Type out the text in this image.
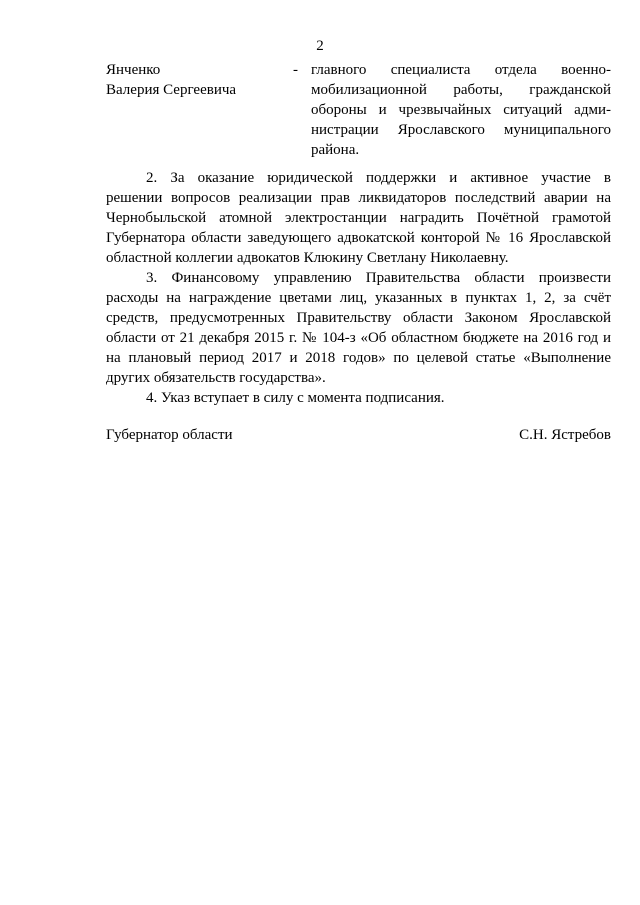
2
Янченко
Валерия Сергеевича
- главного специалиста отдела военно-
мобилизационной работы, гражданской
обороны и чрезвычайных ситуаций адми-
нистрации Ярославского муниципального
района.
2. За оказание юридической поддержки и активное участие в
решении вопросов реализации прав ликвидаторов последствий аварии на
Чернобыльской атомной электростанции наградить Почётной грамотой
Губернатора области заведующего адвокатской конторой № 16 Ярославской
областной коллегии адвокатов Клюкину Светлану Николаевну.
3. Финансовому управлению Правительства области произвести
расходы на награждение цветами лиц, указанных в пунктах 1, 2, за счёт
средств, предусмотренных Правительству области Законом Ярославской
области от 21 декабря 2015 г. № 104-з «Об областном бюджете на 2016 год и
на плановый период 2017 и 2018 годов» по целевой статье «Выполнение
других обязательств государства».
4. Указ вступает в силу с момента подписания.
Губернатор области	С.Н. Ястребов
